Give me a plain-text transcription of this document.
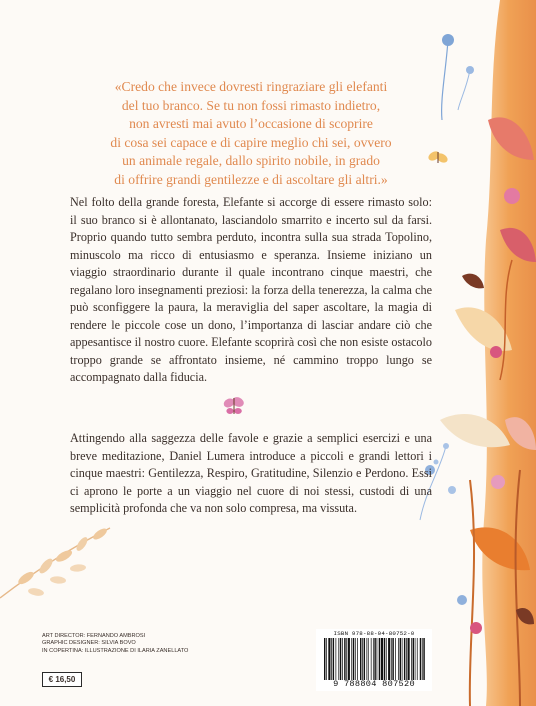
«Credo che invece dovresti ringraziare gli elefanti
del tuo branco. Se tu non fossi rimasto indietro,
non avresti mai avuto l’occasione di scoprire
di cosa sei capace e di capire meglio chi sei, ovvero
un animale regale, dallo spirito nobile, in grado
di offrire grandi gentilezze e di ascoltare gli altri.»
Nel folto della grande foresta, Elefante si accorge di essere rimasto solo: il suo branco si è allontanato, lasciandolo smarrito e incerto sul da farsi. Proprio quando tutto sembra perduto, incontra sulla sua strada Topolino, minuscolo ma ricco di entusiasmo e speranza. Insieme iniziano un viaggio straordinario durante il quale incontrano cinque maestri, che regalano loro insegnamenti preziosi: la forza della tenerezza, la calma che può sconfiggere la paura, la meraviglia del saper ascoltare, la magia di rendere le piccole cose un dono, l’importanza di lasciar andare ciò che appesantisce il nostro cuore. Elefante scoprirà così che non esiste ostacolo troppo grande se affrontato insieme, né cammino troppo lungo se accompagnato dalla fiducia.
Attingendo alla saggezza delle favole e grazie a semplici esercizi e una breve meditazione, Daniel Lumera introduce a piccoli e grandi lettori i cinque maestri: Gentilezza, Respiro, Gratitudine, Silenzio e Perdono. Essi ci aprono le porte a un viaggio nel cuore di noi stessi, custodi di una semplicità profonda che va non solo compresa, ma vissuta.
ART DIRECTOR: FERNANDO AMBROSI
GRAPHIC DESIGNER: SILVIA BOVO
IN COPERTINA: ILLUSTRAZIONE DI ILARIA ZANELLATO
€ 16,50
ISBN 978-88-04-80752-0
9 788804 807520
